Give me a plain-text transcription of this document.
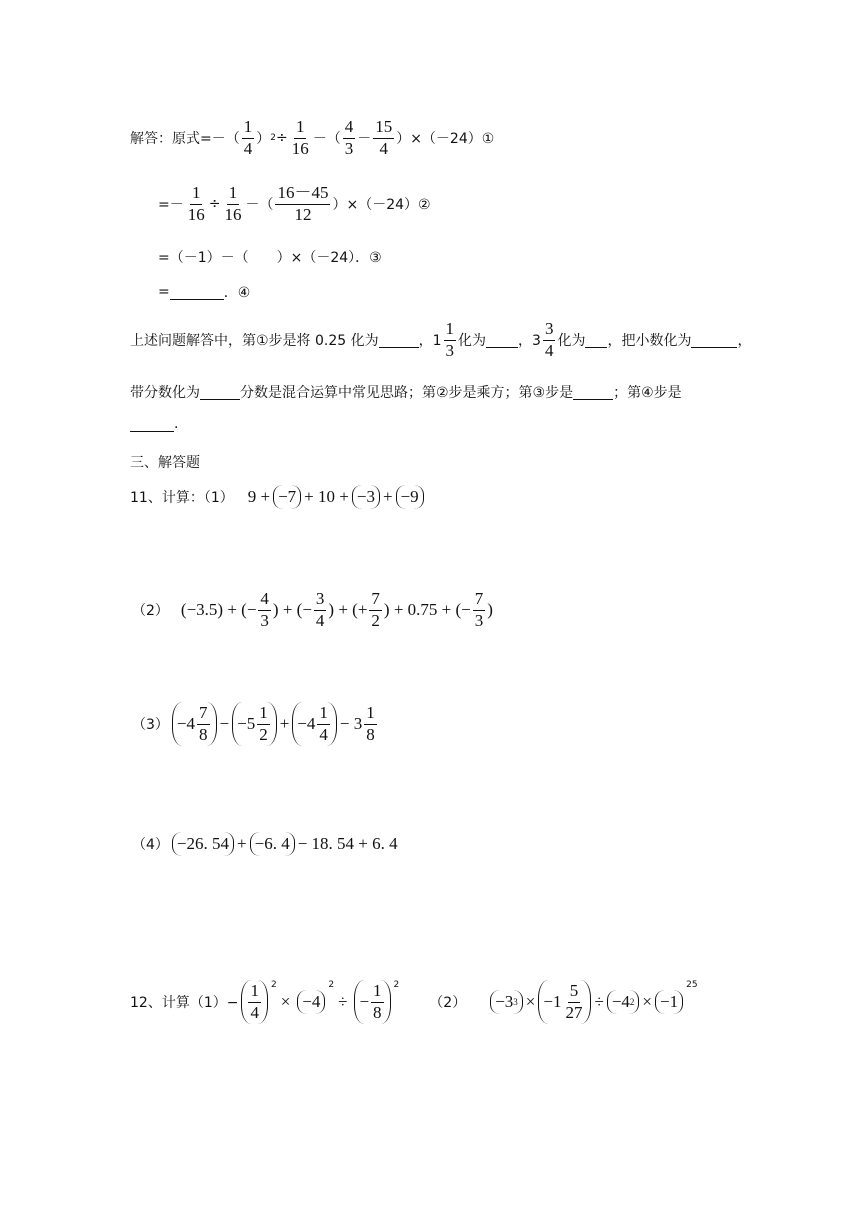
解答：原式=－（ $\frac{1}{4}$ ） $2 \div \frac{1}{16}$ －（ $\frac{4}{3} - \frac{15}{4}$ ）×（－24）①
=－ $\frac{1}{16} \div \frac{1}{16}$ －（ $\frac{16-45}{12}$ ）×（－24）②
=（－1）－（　　）×（－24）．③
=	．④
上述问题解答中，第①步是将 0.25 化为	，$1 \frac{1}{3}$ 化为 ，$3 \frac{3}{4}$ 化为 ，把小数化为	，
带分数化为	分数是混合运算中常见思路；第②步是乘方；第③步是	；第④步是
.
三、解答题
11、计算：（1） 9 + −7 + 10 + −3 + −9
（2） (−3.5) + (− $\frac{4}{3}$ ) + (− $\frac{3}{4}$ ) + (+ $\frac{7}{2}$ ) + 0.75 + (− $\frac{7}{3}$ )
$(3) -4 \frac{7}{8} - -5 \frac{1}{2} + -4 \frac{1}{4} - 3 \frac{1}{8}$
（4） −26. 54 + −6. 4 − 18. 54 + 6. 4
12、计算$(1)- \frac{1}{4} ^2$
× −4
2
÷ − $\frac{1}{8} ^2$
（2） −3 $3 \times -1 \frac{5}{27} \div -4$ 2 × −1
25
